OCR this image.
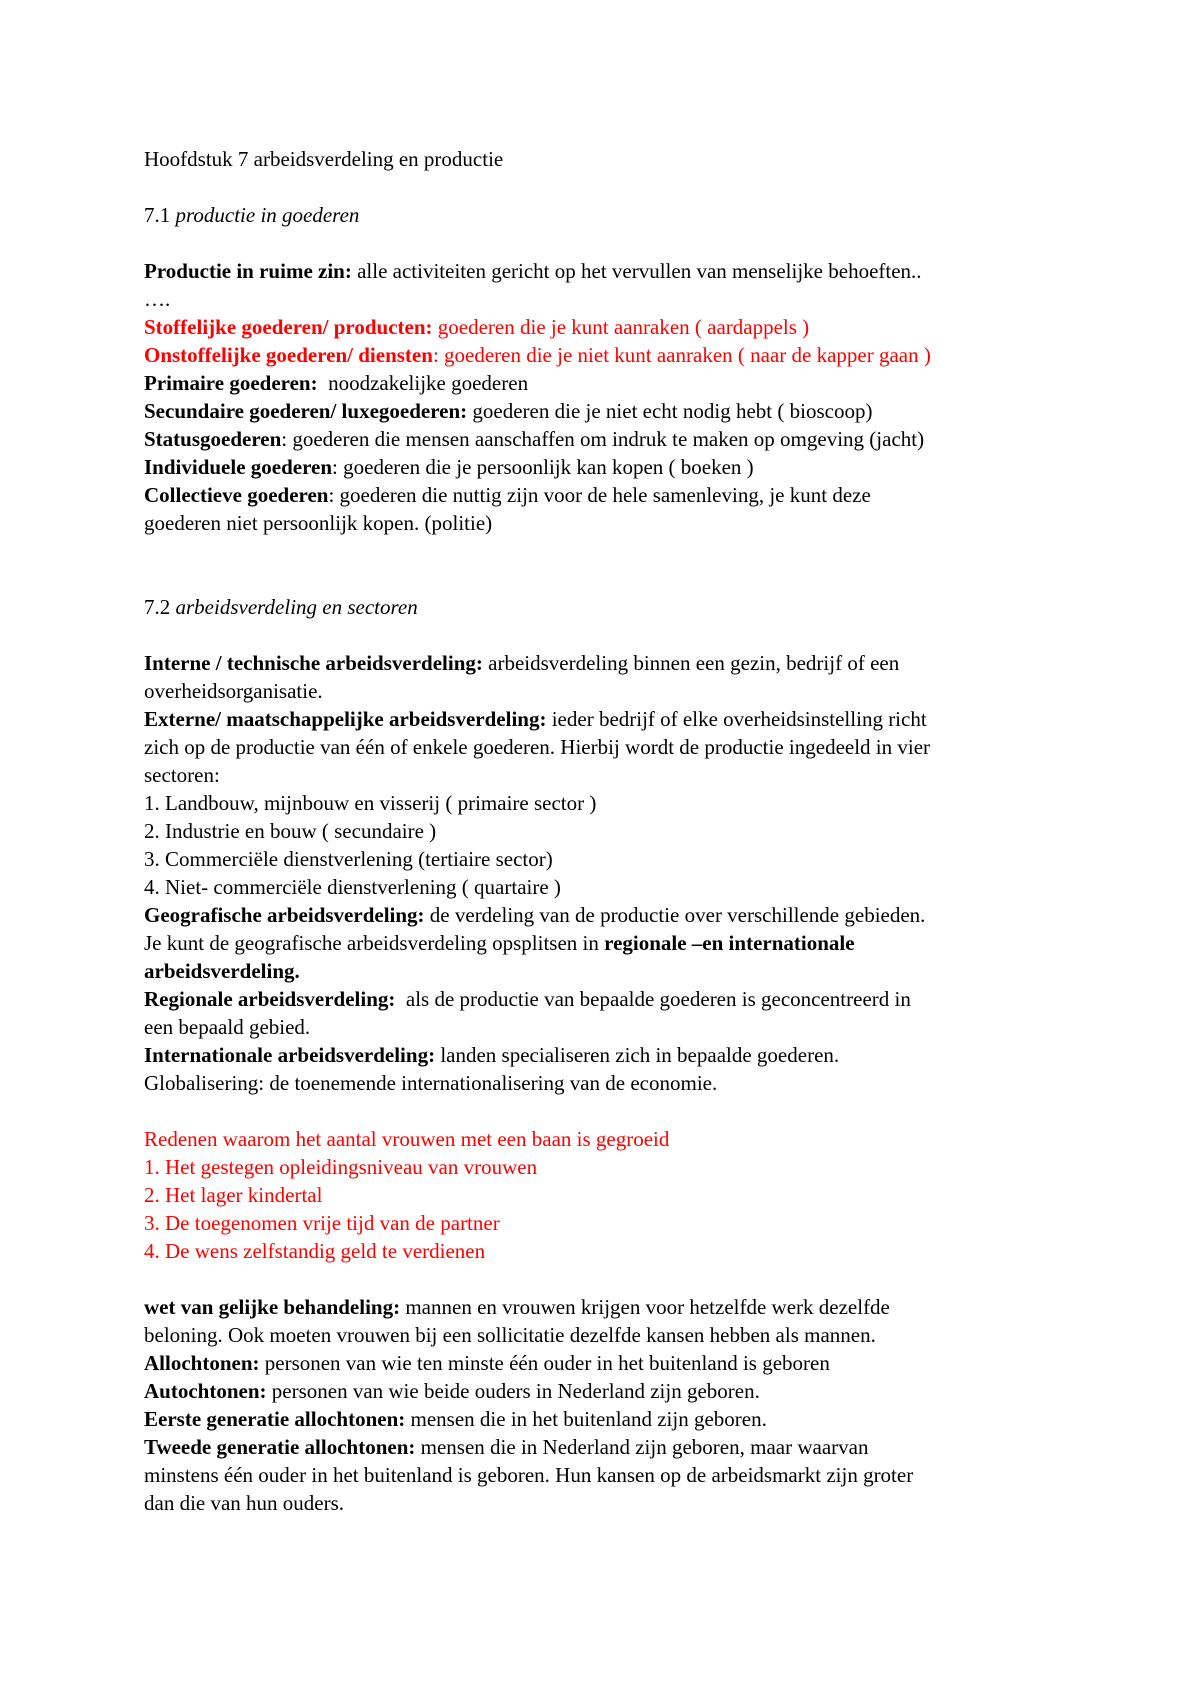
Hoofdstuk 7 arbeidsverdeling en productie
7.1 productie in goederen
Productie in ruime zin: alle activiteiten gericht op het vervullen van menselijke behoeften..
….
Stoffelijke goederen/ producten: goederen die je kunt aanraken ( aardappels )
Onstoffelijke goederen/ diensten: goederen die je niet kunt aanraken ( naar de kapper gaan )
Primaire goederen: noodzakelijke goederen
Secundaire goederen/ luxegoederen: goederen die je niet echt nodig hebt ( bioscoop)
Statusgoederen: goederen die mensen aanschaffen om indruk te maken op omgeving (jacht)
Individuele goederen: goederen die je persoonlijk kan kopen ( boeken )
Collectieve goederen: goederen die nuttig zijn voor de hele samenleving, je kunt deze
goederen niet persoonlijk kopen. (politie)
7.2 arbeidsverdeling en sectoren
Interne / technische arbeidsverdeling: arbeidsverdeling binnen een gezin, bedrijf of een
overheidsorganisatie.
Externe/ maatschappelijke arbeidsverdeling: ieder bedrijf of elke overheidsinstelling richt
zich op de productie van één of enkele goederen. Hierbij wordt de productie ingedeeld in vier
sectoren:
1. Landbouw, mijnbouw en visserij ( primaire sector )
2. Industrie en bouw ( secundaire )
3. Commerciële dienstverlening (tertiaire sector)
4. Niet- commerciële dienstverlening ( quartaire )
Geografische arbeidsverdeling: de verdeling van de productie over verschillende gebieden.
Je kunt de geografische arbeidsverdeling opsplitsen in regionale –en internationale
arbeidsverdeling.
Regionale arbeidsverdeling: als de productie van bepaalde goederen is geconcentreerd in
een bepaald gebied.
Internationale arbeidsverdeling: landen specialiseren zich in bepaalde goederen.
Globalisering: de toenemende internationalisering van de economie.
Redenen waarom het aantal vrouwen met een baan is gegroeid
1. Het gestegen opleidingsniveau van vrouwen
2. Het lager kindertal
3. De toegenomen vrije tijd van de partner
4. De wens zelfstandig geld te verdienen
wet van gelijke behandeling: mannen en vrouwen krijgen voor hetzelfde werk dezelfde
beloning. Ook moeten vrouwen bij een sollicitatie dezelfde kansen hebben als mannen.
Allochtonen: personen van wie ten minste één ouder in het buitenland is geboren
Autochtonen: personen van wie beide ouders in Nederland zijn geboren.
Eerste generatie allochtonen: mensen die in het buitenland zijn geboren.
Tweede generatie allochtonen: mensen die in Nederland zijn geboren, maar waarvan
minstens één ouder in het buitenland is geboren. Hun kansen op de arbeidsmarkt zijn groter
dan die van hun ouders.
